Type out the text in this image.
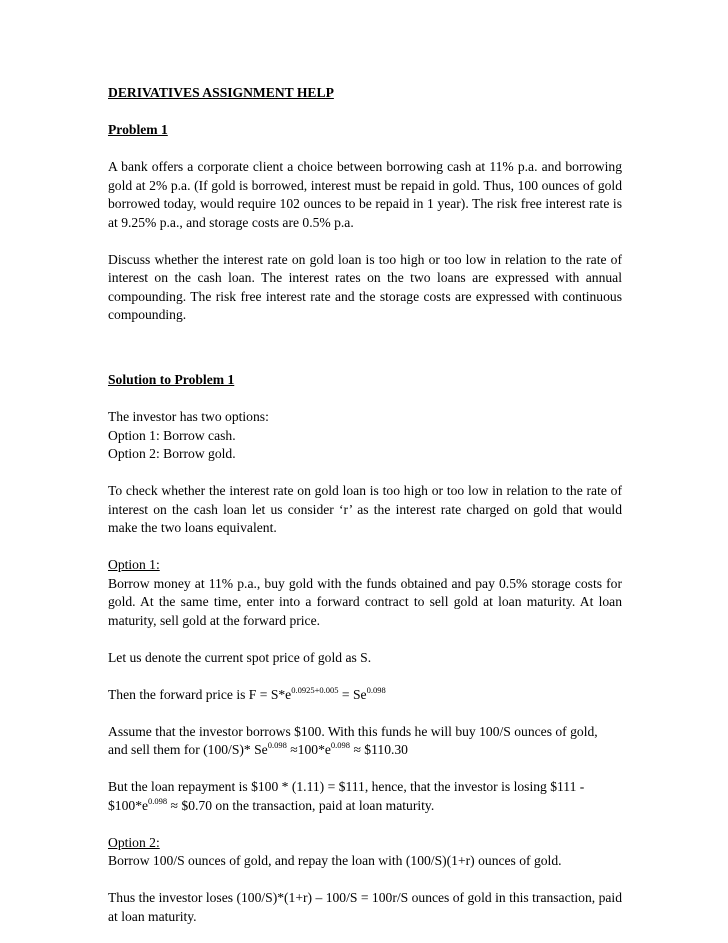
DERIVATIVES ASSIGNMENT HELP

Problem 1

A bank offers a corporate client a choice between borrowing cash at 11% p.a. and borrowing gold at 2% p.a. (If gold is borrowed, interest must be repaid in gold. Thus, 100 ounces of gold borrowed today, would require 102 ounces to be repaid in 1 year). The risk free interest rate is at 9.25% p.a., and storage costs are 0.5% p.a.

Discuss whether the interest rate on gold loan is too high or too low in relation to the rate of interest on the cash loan. The interest rates on the two loans are expressed with annual compounding. The risk free interest rate and the storage costs are expressed with continuous compounding.

Solution to Problem 1

The investor has two options:

Option 1: Borrow cash.

Option 2: Borrow gold.

To check whether the interest rate on gold loan is too high or too low in relation to the rate of interest on the cash loan let us consider ‘r’ as the interest rate charged on gold that would make the two loans equivalent.

Option 1:

Borrow money at 11% p.a., buy gold with the funds obtained and pay 0.5% storage costs for gold. At the same time, enter into a forward contract to sell gold at loan maturity. At loan maturity, sell gold at the forward price.

Let us denote the current spot price of gold as S.

Then the forward price is $F = S*e^{0.0925+0.005} = Se^{0.098}$

Assume that the investor borrows $100. With this funds he will buy 100/S ounces of gold,

and sell them for (100/S)* $Se^{0.098} \approx 100*e^{0.098}$ ≈ $110.30

But the loan repayment is $100 * (1.11) = $111, hence, that the investor is losing $111 -

$\$100*e^{0.098}$ ≈ $0.70 on the transaction, paid at loan maturity.

Option 2:

Borrow 100/S ounces of gold, and repay the loan with (100/S)(1+r) ounces of gold.

Thus the investor loses (100/S)*(1+r) – 100/S = 100r/S ounces of gold in this transaction, paid at loan maturity.
